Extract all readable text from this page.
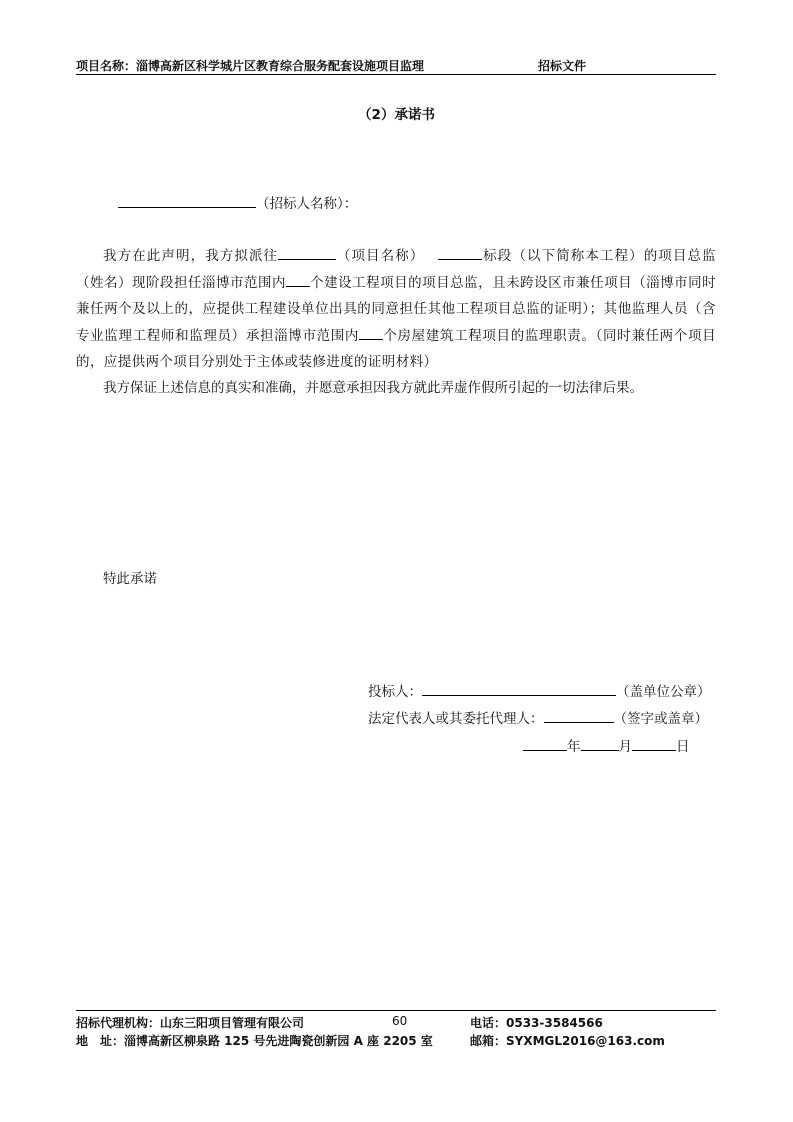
项目名称：淄博高新区科学城片区教育综合服务配套设施项目监理	招标文件
（2）承诺书
（招标人名称）：
我方在此声明，我方拟派往	（项目名称）	标段（以下简称本工程）的项目总监（姓名）现阶段担任淄博市范围内 个建设工程项目的项目总监，且未跨设区市兼任项目（淄博市同时兼任两个及以上的，应提供工程建设单位出具的同意担任其他工程项目总监的证明）；其他监理人员（含专业监理工程师和监理员）承担淄博市范围内 个房屋建筑工程项目的监理职责。（同时兼任两个项目的，应提供两个项目分别处于主体或装修进度的证明材料）
我方保证上述信息的真实和准确，并愿意承担因我方就此弄虚作假所引起的一切法律后果。
特此承诺
投标人：	（盖单位公章）
法定代表人或其委托代理人：	（签字或盖章）
年	月	日
招标代理机构：山东三阳项目管理有限公司	60	电话：0533-3584566
地　址：淄博高新区柳泉路 125 号先进陶瓷创新园 A 座 2205 室	邮箱：SYXMGL2016@163.com
